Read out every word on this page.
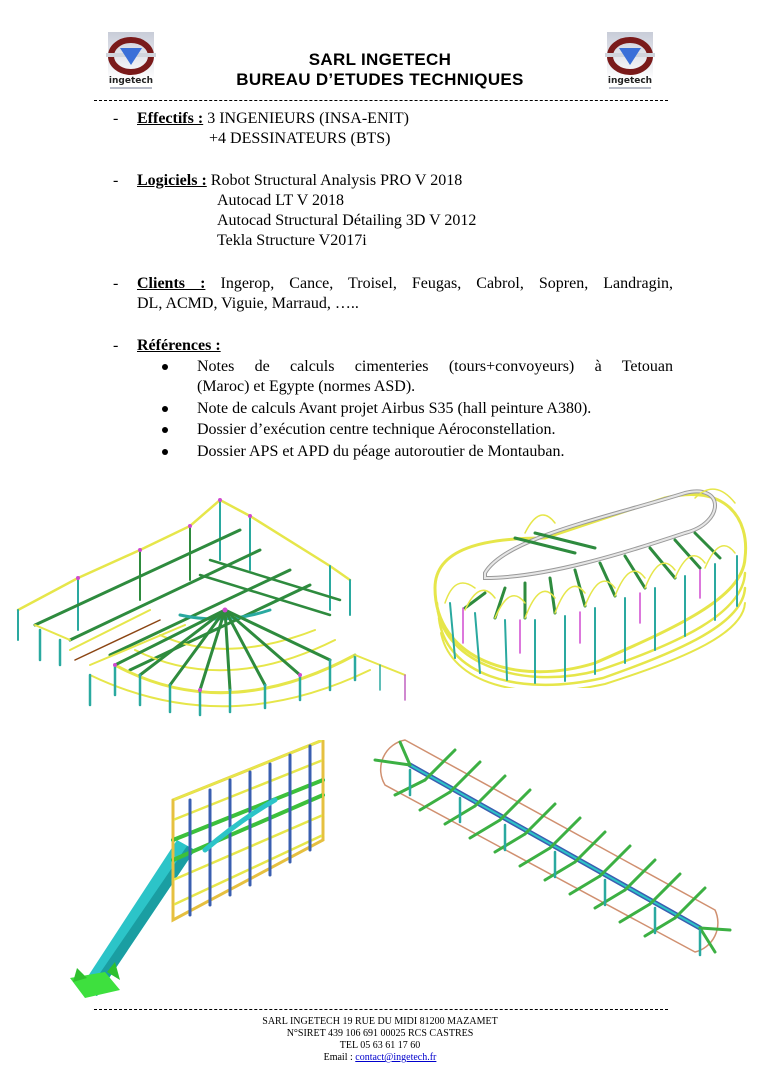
ingetech	ingetech
SARL INGETECH
BUREAU D’ETUDES TECHNIQUES
- Effectifs : 3 INGENIEURS (INSA-ENIT)
+4 DESSINATEURS (BTS)
- Logiciels : Robot Structural Analysis PRO V 2018
Autocad LT V 2018
Autocad Structural Détailing 3D V 2012
Tekla Structure V2017i
- Clients : Ingerop, Cance, Troisel, Feugas, Cabrol, Sopren, Landragin,
DL, ACMD, Viguie, Marraud, …..
- Références :
Notes de calculs cimenteries (tours+convoyeurs) à Tetouan
(Maroc) et Egypte (normes ASD).
Note de calculs Avant projet Airbus S35 (hall peinture A380).
Dossier d’exécution centre technique Aéroconstellation.
Dossier APS et APD du péage autoroutier de Montauban.
SARL INGETECH 19 RUE DU MIDI 81200 MAZAMET
N°SIRET 439 106 691 00025 RCS CASTRES
TEL 05 63 61 17 60
Email : contact@ingetech.fr
